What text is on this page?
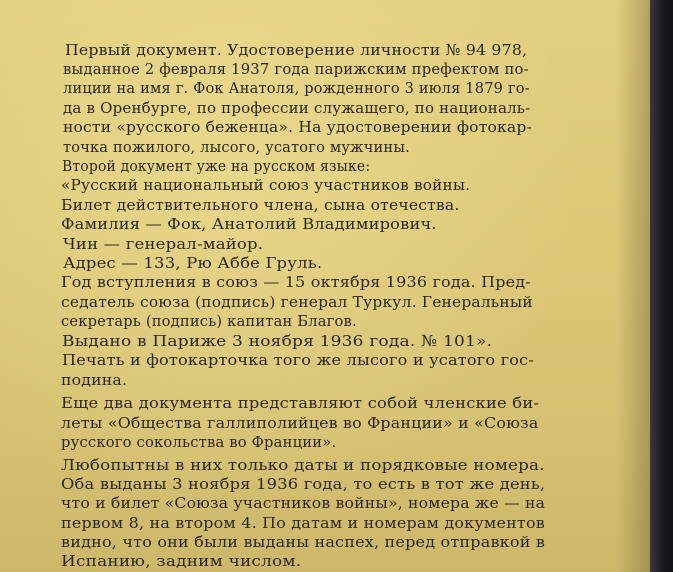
Первый документ. Удостоверение личности № 94 978,
выданное 2 февраля 1937 года парижским префектом по-
лиции на имя г. Фок Анатоля, рожденного 3 июля 1879 го-
да в Оренбурге, по профессии служащего, по националь-
ности «русского беженца». На удостоверении фотокар-
точка пожилого, лысого, усатого мужчины.
Второй документ уже на русском языке:
«Русский национальный союз участников войны.
Билет действительного члена, сына отечества.
Фамилия — Фок, Анатолий Владимирович.
Чин — генерал-майор.
Адрес — 133, Рю Аббе Груль.
Год вступления в союз — 15 октября 1936 года. Пред-
седатель союза (подпись) генерал Туркул. Генеральный
секретарь (подпись) капитан Благов.
Выдано в Париже 3 ноября 1936 года. № 101».
Печать и фотокарточка того же лысого и усатого гос-
подина.
Еще два документа представляют собой членские би-
леты «Общества галлиполийцев во Франции» и «Союза
русского сокольства во Франции».
Любопытны в них только даты и порядковые номера.
Оба выданы 3 ноября 1936 года, то есть в тот же день,
что и билет «Союза участников войны», номера же — на
первом 8, на втором 4. По датам и номерам документов
видно, что они были выданы наспех, перед отправкой в
Испанию, задним числом.
